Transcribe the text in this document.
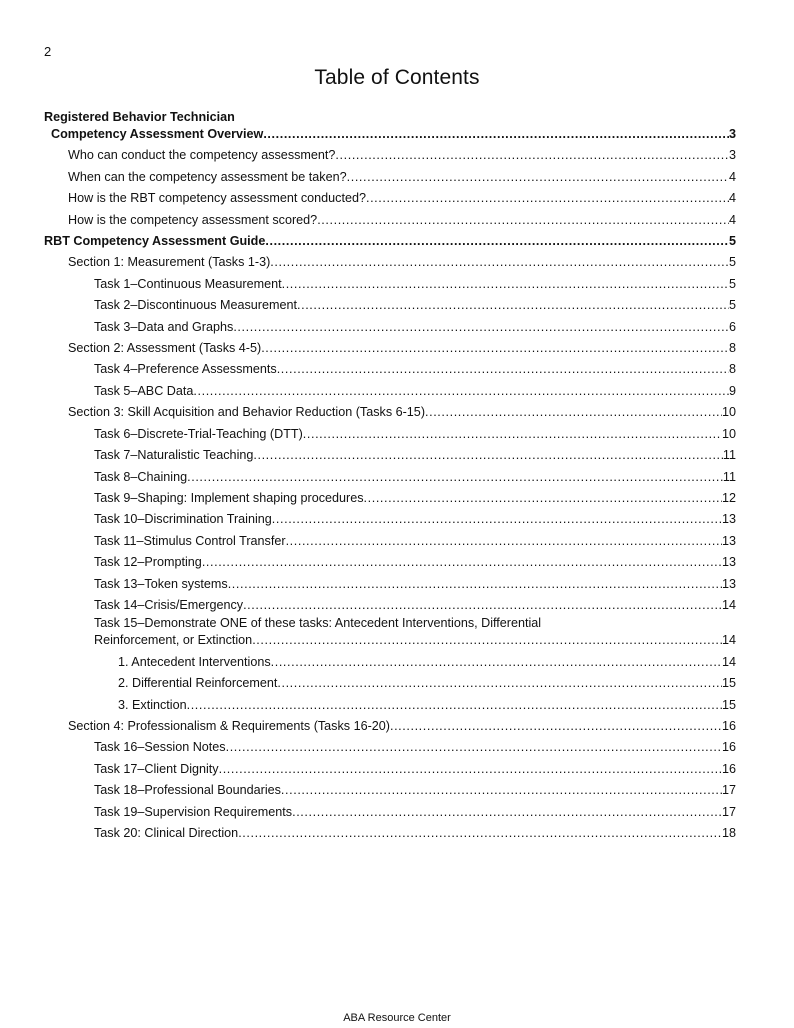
2
Table of Contents
Registered Behavior Technician
Competency Assessment Overview .....	3
Who can conduct the competency assessment? .....	3
When can the competency assessment be taken? .....	4
How is the RBT competency assessment conducted? .....	4
How is the competency assessment scored? .....	4
RBT Competency Assessment Guide .....	5
Section 1: Measurement (Tasks 1-3) .....	5
Task 1–Continuous Measurement .....	5
Task 2–Discontinuous Measurement .....	5
Task 3–Data and Graphs .....	6
Section 2: Assessment (Tasks 4-5) .....	8
Task 4–Preference Assessments .....	8
Task 5–ABC Data .....	9
Section 3: Skill Acquisition and Behavior Reduction (Tasks 6-15) .....	10
Task 6–Discrete-Trial-Teaching (DTT) .....	10
Task 7–Naturalistic Teaching .....	11
Task 8–Chaining .....	11
Task 9–Shaping: Implement shaping procedures .....	12
Task 10–Discrimination Training .....	13
Task 11–Stimulus Control Transfer .....	13
Task 12–Prompting .....	13
Task 13–Token systems .....	13
Task 14–Crisis/Emergency .....	14
Task 15–Demonstrate ONE of these tasks: Antecedent Interventions, Differential
Reinforcement, or Extinction .....	14
1. Antecedent Interventions .....	14
2. Differential Reinforcement .....	15
3. Extinction .....	15
Section 4: Professionalism & Requirements (Tasks 16-20) .....	16
Task 16–Session Notes .....	16
Task 17–Client Dignity .....	16
Task 18–Professional Boundaries .....	17
Task 19–Supervision Requirements .....	17
Task 20: Clinical Direction .....	18
ABA Resource Center
